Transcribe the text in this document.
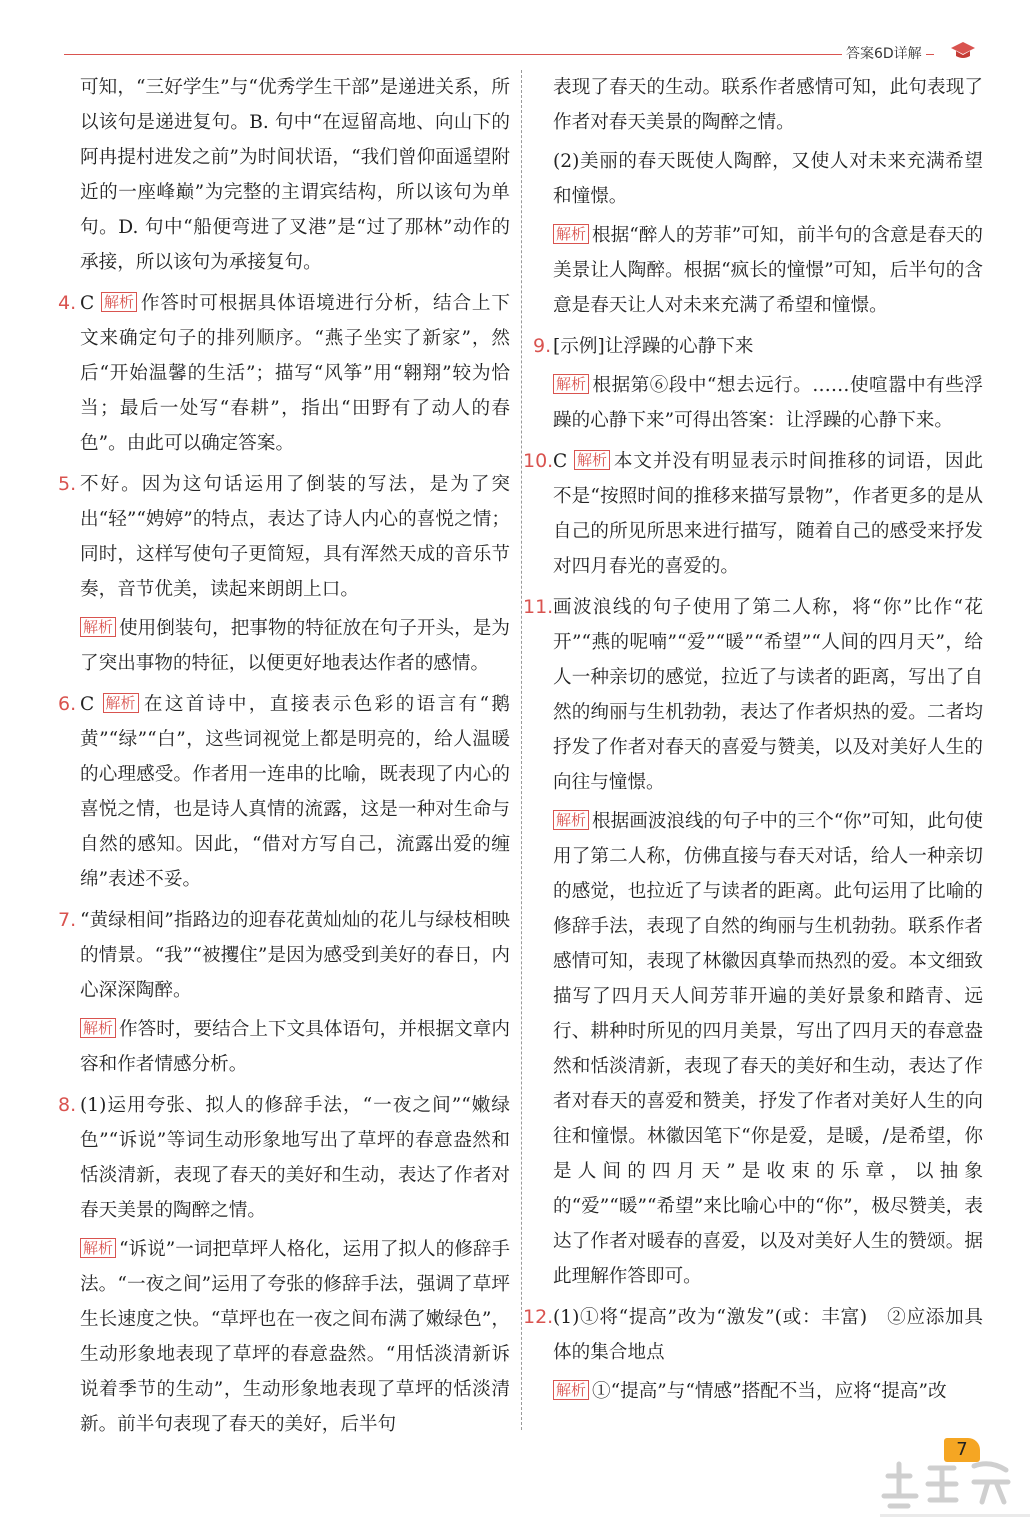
答案6D详解

可知，“三好学生”与“优秀学生干部”是递进关系，所以该句是递进复句。B. 句中“在逗留高地、向山下的阿冉提村进发之前”为时间状语，“我们曾仰面遥望附近的一座峰巅”为完整的主谓宾结构，所以该句为单句。D. 句中“船便弯进了叉港”是“过了那林”动作的承接，所以该句为承接复句。

4. C 解析 作答时可根据具体语境进行分析，结合上下文来确定句子的排列顺序。“燕子坐实了新家”，然后“开始温馨的生活”；描写“风筝”用“翱翔”较为恰当；最后一处写“春耕”，指出“田野有了动人的春色”。由此可以确定答案。

5. 不好。因为这句话运用了倒装的写法，是为了突出“轻”“娉婷”的特点，表达了诗人内心的喜悦之情；同时，这样写使句子更简短，具有浑然天成的音乐节奏，音节优美，读起来朗朗上口。

解析 使用倒装句，把事物的特征放在句子开头，是为了突出事物的特征，以便更好地表达作者的感情。

6. C 解析 在这首诗中，直接表示色彩的语言有“鹅黄”“绿”“白”，这些词视觉上都是明亮的，给人温暖的心理感受。作者用一连串的比喻，既表现了内心的喜悦之情，也是诗人真情的流露，这是一种对生命与自然的感知。因此，“借对方写自己，流露出爱的缠绵”表述不妥。

7. “黄绿相间”指路边的迎春花黄灿灿的花儿与绿枝相映的情景。“我”“被攫住”是因为感受到美好的春日，内心深深陶醉。

解析 作答时，要结合上下文具体语句，并根据文章内容和作者情感分析。

8. (1)运用夸张、拟人的修辞手法，“一夜之间”“嫩绿色”“诉说”等词生动形象地写出了草坪的春意盎然和恬淡清新，表现了春天的美好和生动，表达了作者对春天美景的陶醉之情。

解析 “诉说”一词把草坪人格化，运用了拟人的修辞手法。“一夜之间”运用了夸张的修辞手法，强调了草坪生长速度之快。“草坪也在一夜之间布满了嫩绿色”，生动形象地表现了草坪的春意盎然。“用恬淡清新诉说着季节的生动”，生动形象地表现了草坪的恬淡清新。前半句表现了春天的美好，后半句

表现了春天的生动。联系作者感情可知，此句表现了作者对春天美景的陶醉之情。

(2)美丽的春天既使人陶醉，又使人对未来充满希望和憧憬。

解析 根据“醉人的芳菲”可知，前半句的含意是春天的美景让人陶醉。根据“疯长的憧憬”可知，后半句的含意是春天让人对未来充满了希望和憧憬。

9. [示例]让浮躁的心静下来

解析 根据第⑥段中“想去远行。……使喧嚣中有些浮躁的心静下来”可得出答案：让浮躁的心静下来。

10. C 解析 本文并没有明显表示时间推移的词语，因此不是“按照时间的推移来描写景物”，作者更多的是从自己的所见所思来进行描写，随着自己的感受来抒发对四月春光的喜爱的。

11. 画波浪线的句子使用了第二人称，将“你”比作“花开”“燕的呢喃”“爱”“暖”“希望”“人间的四月天”，给人一种亲切的感觉，拉近了与读者的距离，写出了自然的绚丽与生机勃勃，表达了作者炽热的爱。二者均抒发了作者对春天的喜爱与赞美，以及对美好人生的向往与憧憬。

解析 根据画波浪线的句子中的三个“你”可知，此句使用了第二人称，仿佛直接与春天对话，给人一种亲切的感觉，也拉近了与读者的距离。此句运用了比喻的修辞手法，表现了自然的绚丽与生机勃勃。联系作者感情可知，表现了林徽因真挚而热烈的爱。本文细致描写了四月天人间芳菲开遍的美好景象和踏青、远行、耕种时所见的四月美景，写出了四月天的春意盎然和恬淡清新，表现了春天的美好和生动，表达了作者对春天的喜爱和赞美，抒发了作者对美好人生的向往和憧憬。林徽因笔下“你是爱，是暖，/是希望，你是人间的四月天”是收束的乐章，以抽象的“爱”“暖”“希望”来比喻心中的“你”，极尽赞美，表达了作者对暖春的喜爱，以及对美好人生的赞颂。据此理解作答即可。

12. (1)①将“提高”改为“激发”(或：丰富)　②应添加具体的集合地点

解析 ①“提高”与“情感”搭配不当，应将“提高”改

7
